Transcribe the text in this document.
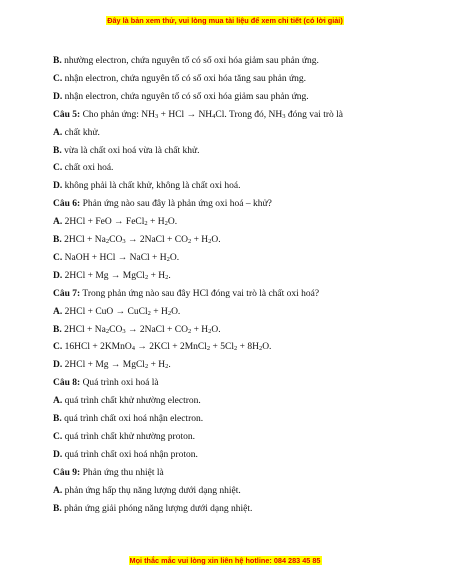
Đây là bản xem thử, vui lòng mua tài liệu để xem chi tiết (có lời giải)
B. nhường electron, chứa nguyên tố có số oxi hóa giảm sau phản ứng.
C. nhận electron, chứa nguyên tố có số oxi hóa tăng sau phản ứng.
D. nhận electron, chứa nguyên tố có số oxi hóa giảm sau phản ứng.
Câu 5: Cho phản ứng: $NH_3$ + HCl → $NH_4Cl$. Trong đó, $NH_3$ đóng vai trò là
A. chất khử.
B. vừa là chất oxi hoá vừa là chất khử.
C. chất oxi hoá.
D. không phải là chất khử, không là chất oxi hoá.
Câu 6: Phản ứng nào sau đây là phản ứng oxi hoá – khử?
A. 2HCl + FeO → FeCl$_2$ + $H_2O$.
B. $2HCl + Na_2CO_3$ → 2NaCl + $CO_2 + H_2O$.
C. NaOH + HCl → NaCl + $H_2O$.
D. 2HCl + Mg → MgCl$_2$ + $H_2$.
Câu 7: Trong phản ứng nào sau đây HCl đóng vai trò là chất oxi hoá?
A. 2HCl + CuO → CuCl$_2$ + $H_2O$.
B. $2HCl + Na_2CO_3$ → 2NaCl + $CO_2 + H_2O$.
C. 16HCl + 2KMnO$_4$ → 2KCl + 2MnCl$_2$ + $5Cl_2 + 8H_2O$.
D. 2HCl + Mg → MgCl$_2$ + $H_2$.
Câu 8: Quá trình oxi hoá là
A. quá trình chất khử nhường electron.
B. quá trình chất oxi hoá nhận electron.
C. quá trình chất khử nhường proton.
D. quá trình chất oxi hoá nhận proton.
Câu 9: Phản ứng thu nhiệt là
A. phản ứng hấp thụ năng lượng dưới dạng nhiệt.
B. phản ứng giải phóng năng lượng dưới dạng nhiệt.
Mọi thắc mắc vui lòng xin liên hệ hotline: 084 283 45 85
